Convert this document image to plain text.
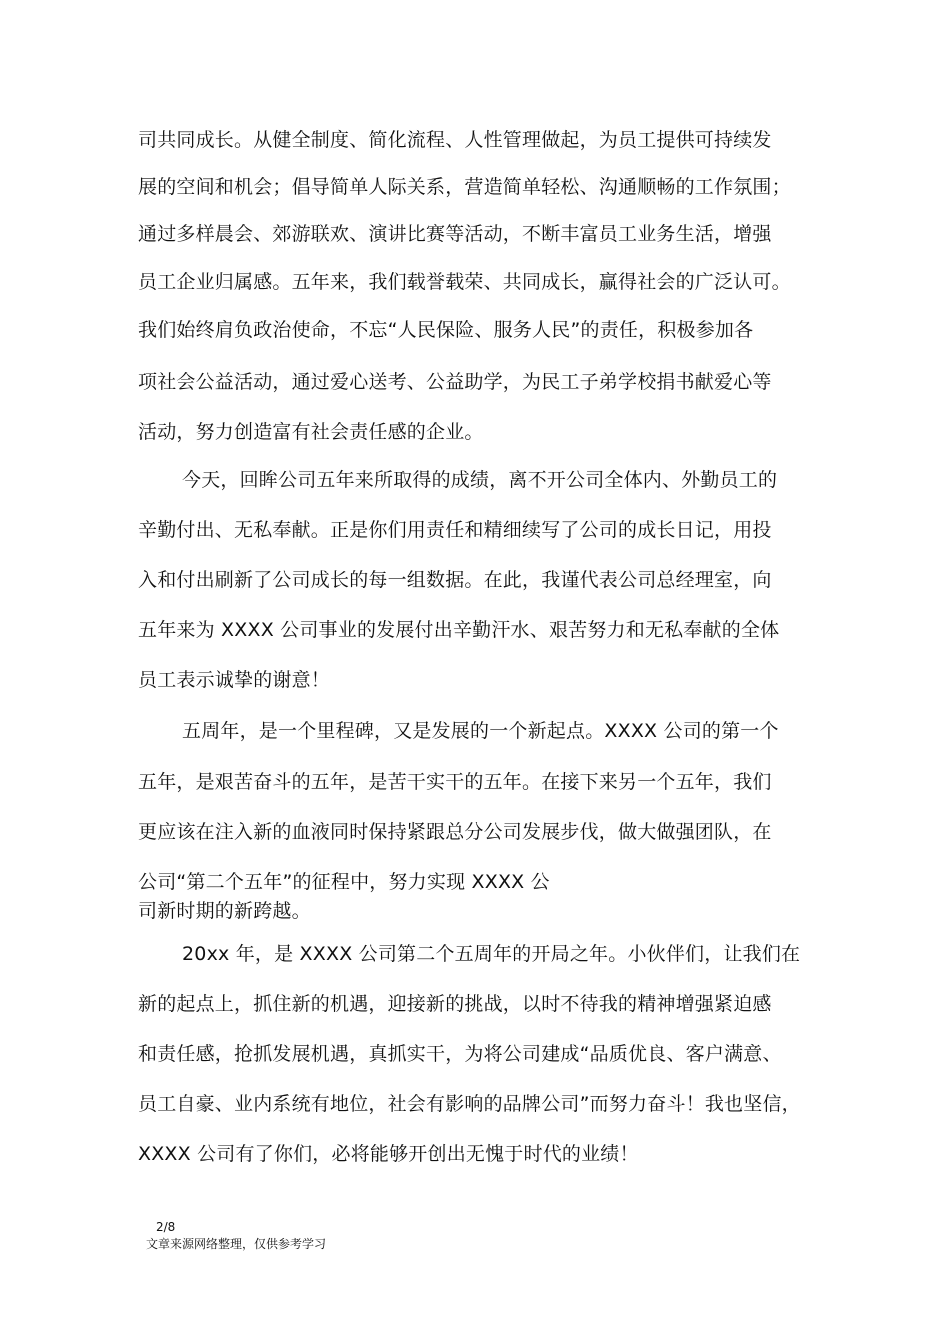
司共同成长。从健全制度、简化流程、人性管理做起，为员工提供可持续发
展的空间和机会；倡导简单人际关系，营造简单轻松、沟通顺畅的工作氛围；
通过多样晨会、郊游联欢、演讲比赛等活动，不断丰富员工业务生活，增强
员工企业归属感。五年来，我们载誉载荣、共同成长，赢得社会的广泛认可。
我们始终肩负政治使命，不忘“人民保险、服务人民”的责任，积极参加各
项社会公益活动，通过爱心送考、公益助学，为民工子弟学校捐书献爱心等
活动，努力创造富有社会责任感的企业。
今天，回眸公司五年来所取得的成绩，离不开公司全体内、外勤员工的
辛勤付出、无私奉献。正是你们用责任和精细续写了公司的成长日记，用投
入和付出刷新了公司成长的每一组数据。在此，我谨代表公司总经理室，向
五年来为 XXXX 公司事业的发展付出辛勤汗水、艰苦努力和无私奉献的全体
员工表示诚挚的谢意！
五周年，是一个里程碑，又是发展的一个新起点。XXXX 公司的第一个
五年，是艰苦奋斗的五年，是苦干实干的五年。在接下来另一个五年，我们
更应该在注入新的血液同时保持紧跟总分公司发展步伐，做大做强团队，在
公司“第二个五年”的征程中，努力实现 XXXX 公
司新时期的新跨越。
20xx 年，是 XXXX 公司第二个五周年的开局之年。小伙伴们，让我们在
新的起点上，抓住新的机遇，迎接新的挑战，以时不待我的精神增强紧迫感
和责任感，抢抓发展机遇，真抓实干，为将公司建成“品质优良、客户满意、
员工自豪、业内系统有地位，社会有影响的品牌公司”而努力奋斗！我也坚信，
XXXX 公司有了你们，必将能够开创出无愧于时代的业绩！
2/8
文章来源网络整理，仅供参考学习
